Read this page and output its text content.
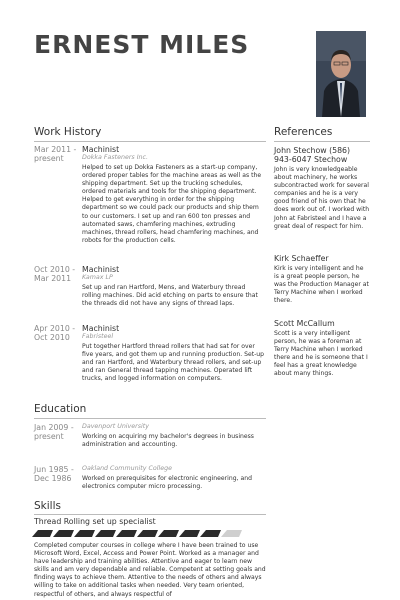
ERNEST MILES
Work History
Mar 2011 - present
Machinist
Dokka Fasteners Inc.
Helped to set up Dokka Fasteners as a start-up company, ordered proper tables for the machine areas as well as the shipping department. Set up the trucking schedules, ordered materials and tools for the shipping department. Helped to get everything in order for the shipping department so we could pack our products and ship them to our customers. I set up and ran 600 ton presses and automated saws, chamfering machines, extruding machines, thread rollers, head chamfering machines, and robots for the production cells.
Oct 2010 - Mar 2011
Machinist
Kamax LP
Set up and ran Hartford, Mens, and Waterbury thread rolling machines. Did acid etching on parts to ensure that the threads did not have any signs of thread laps.
Apr 2010 - Oct 2010
Machinist
Fabristeel
Put together Hartford thread rollers that had sat for over five years, and got them up and running production. Set-up and ran Hartford, and Waterbury thread rollers, and set-up and ran General thread tapping machines. Operated lift trucks, and logged information on computers.
Education
Jan 2009 - present
Davenport University
Working on acquiring my bachelor's degrees in business administration and accounting.
Jun 1985 - Dec 1986
Oakland Community College
Worked on prerequisites for electronic engineering, and electronics computer micro processing.
Skills
Thread Rolling set up specialist
Completed computer courses in college where I have been trained to use Microsoft Word, Excel, Access and Power Point. Worked as a manager and have leadership and training abilities. Attentive and eager to learn new skills and am very dependable and reliable. Competent at setting goals and finding ways to achieve them. Attentive to the needs of others and always willing to take on additional tasks when needed. Very team oriented, respectful of others, and always respectful of
References
John Stechow (586) 943-6047 Stechow
John is very knowledgeable about machinery, he works subcontracted work for several companies and he is a very good friend of his own that he does work out of. I worked with John at Fabristeel and I have a great deal of respect for him.
Kirk Schaeffer
Kirk is very intelligent and he is a great people person, he was the Production Manager at Terry Machine when I worked there.
Scott McCallum
Scott is a very intelligent person, he was a foreman at Terry Machine when I worked there and he is someone that I feel has a great knowledge about many things.
